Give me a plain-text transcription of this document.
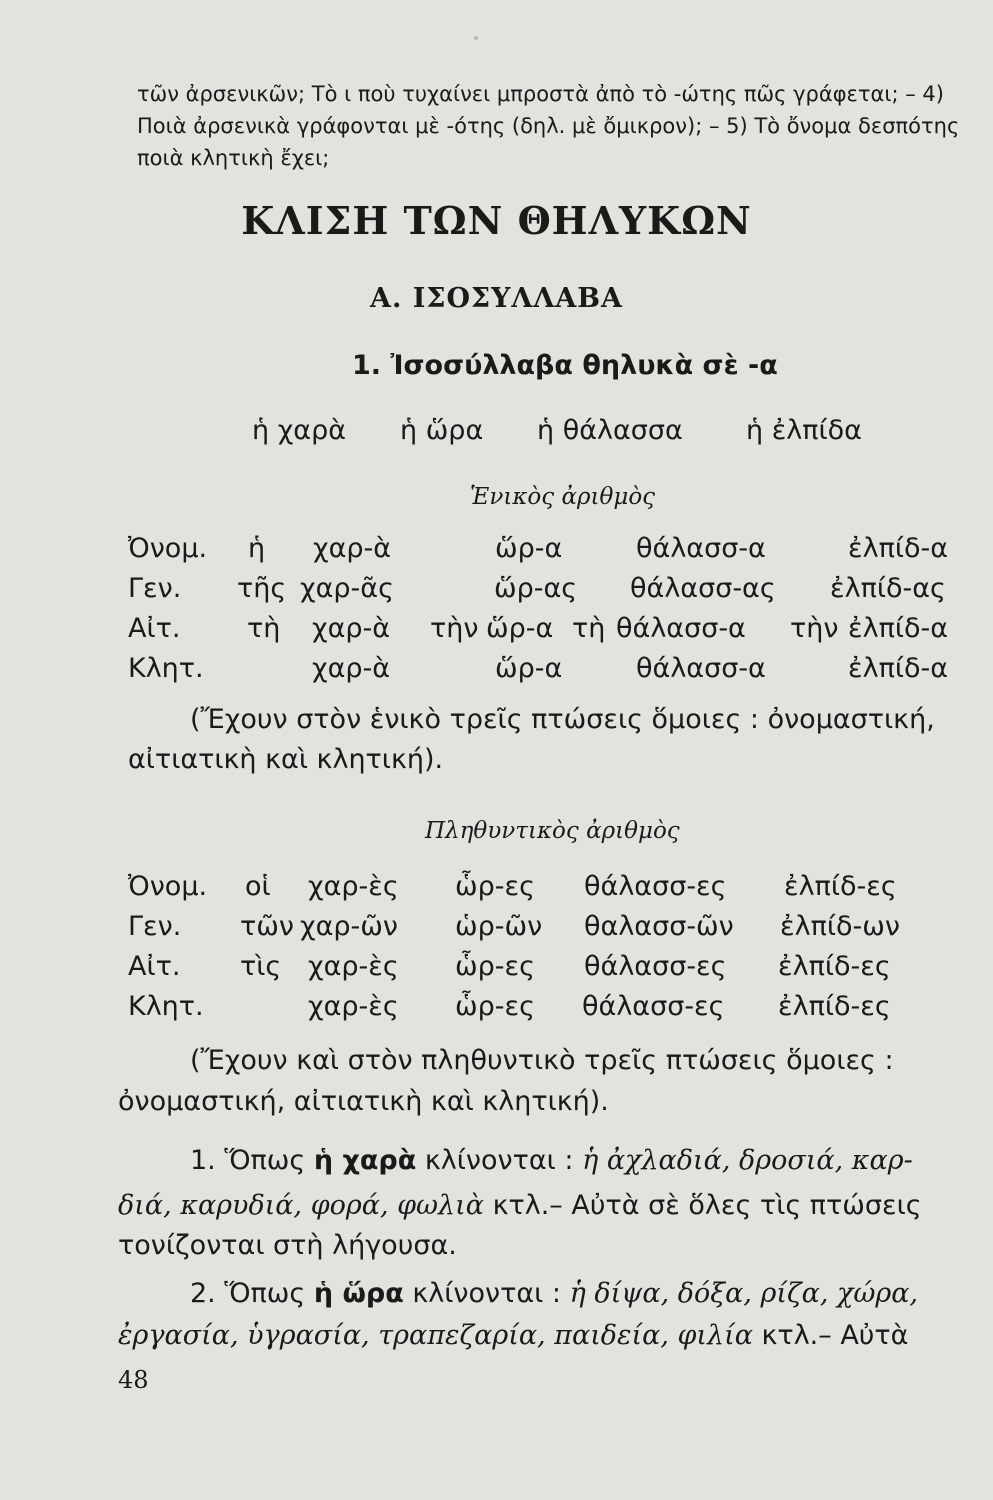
τῶν ἀρσενικῶν; Τὸ ι ποὺ τυχαίνει μπροστὰ ἀπὸ τὸ -ώτης πῶς γράφεται; – 4)
Ποιὰ ἀρσενικὰ γράφονται μὲ -ότης (δηλ. μὲ ὄμικρον); – 5) Τὸ ὄνομα δεσπότης
ποιὰ κλητικὴ ἔχει;
ΚΛΙΣΗ ΤΩΝ ΘΗΛΥΚΩΝ
Α. ΙΣΟΣΥΛΛΑΒΑ
1. Ἰσοσύλλαβα θηλυκὰ σὲ -α
ἡ χαρὰ ἡ ὥρα ἡ θάλασσα ἡ ἐλπίδα
Ἑνικὸς ἀριθμὸς
Ὀνομ. ἡ χαρ-ὰ	ὥρ-α	θάλασσ-α	ἐλπίδ-α
Γεν. τῆς χαρ-ᾶς	ὥρ-ας θάλασσ-ας ἐλπίδ-ας
Αἰτ. τὴ χαρ-ὰ τὴν ὥρ-α τὴ θάλασσ-α τὴν ἐλπίδ-α
Κλητ.	χαρ-ὰ	ὥρ-α	θάλασσ-α	ἐλπίδ-α
(Ἔχουν στὸν ἑνικὸ τρεῖς πτώσεις ὅμοιες : ὀνομαστική,
αἰτιατικὴ καὶ κλητική).
Πληθυντικὸς ἀριθμὸς
Ὀνομ. οἱ χαρ-ὲς ὧρ-ες θάλασσ-ες ἐλπίδ-ες
Γεν. τῶν χαρ-ῶν ὡρ-ῶν θαλασσ-ῶν ἐλπίδ-ων
Αἰτ. τὶς χαρ-ὲς ὧρ-ες θάλασσ-ες ἐλπίδ-ες
Κλητ.	χαρ-ὲς ὧρ-ες θάλασσ-ες ἐλπίδ-ες
(Ἔχουν καὶ στὸν πληθυντικὸ τρεῖς πτώσεις ὅμοιες :
ὀνομαστική, αἰτιατικὴ καὶ κλητική).
1. Ὅπως ἡ χαρὰ κλίνονται : ἡ ἀχλαδιά, δροσιά, καρ-
διά, καρυδιά, φορά, φωλιὰ κτλ.– Αὐτὰ σὲ ὅλες τὶς πτώσεις
τονίζονται στὴ λήγουσα.
2. Ὅπως ἡ ὥρα κλίνονται : ἡ δίψα, δόξα, ρίζα, χώρα,
ἐργασία, ὑγρασία, τραπεζαρία, παιδεία, φιλία κτλ.– Αὐτὰ
48
